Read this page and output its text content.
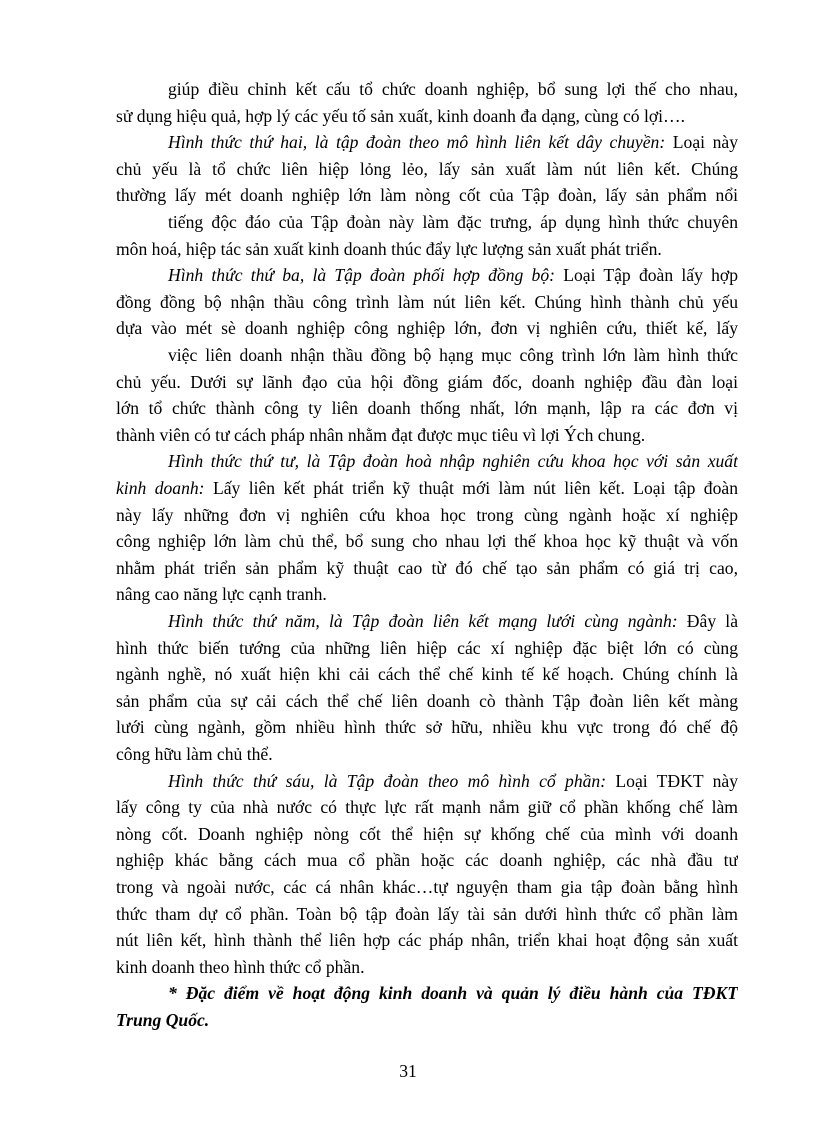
giúp điều chỉnh kết cấu tổ chức doanh nghiệp, bổ sung lợi thế cho nhau,
sử dụng hiệu quả, hợp lý các yếu tố sản xuất, kinh doanh đa dạng, cùng có lợi….
Hình thức thứ hai, là tập đoàn theo mô hình liên kết dây chuyền: Loại này
chủ yếu là tổ chức liên hiệp lỏng lẻo, lấy sản xuất làm nút liên kết. Chúng
thường lấy mét doanh nghiệp lớn làm nòng cốt của Tập đoàn, lấy sản phẩm nổi
tiếng độc đáo của Tập đoàn này làm đặc trưng, áp dụng hình thức chuyên
môn hoá, hiệp tác sản xuất kinh doanh thúc đẩy lực lượng sản xuất phát triển.
Hình thức thứ ba, là Tập đoàn phối hợp đồng bộ: Loại Tập đoàn lấy hợp
đồng đồng bộ nhận thầu công trình làm nút liên kết. Chúng hình thành chủ yếu
dựa vào mét sè doanh nghiệp công nghiệp lớn, đơn vị nghiên cứu, thiết kế, lấy
việc liên doanh nhận thầu đồng bộ hạng mục công trình lớn làm hình thức
chủ yếu. Dưới sự lãnh đạo của hội đồng giám đốc, doanh nghiệp đầu đàn loại
lớn tổ chức thành công ty liên doanh thống nhất, lớn mạnh, lập ra các đơn vị
thành viên có tư cách pháp nhân nhằm đạt được mục tiêu vì lợi Ých chung.
Hình thức thứ tư, là Tập đoàn hoà nhập nghiên cứu khoa học với sản xuất
kinh doanh: Lấy liên kết phát triển kỹ thuật mới làm nút liên kết. Loại tập đoàn
này lấy những đơn vị nghiên cứu khoa học trong cùng ngành hoặc xí nghiệp
công nghiệp lớn làm chủ thể, bổ sung cho nhau lợi thế khoa học kỹ thuật và vốn
nhằm phát triển sản phẩm kỹ thuật cao từ đó chế tạo sản phẩm có giá trị cao,
nâng cao năng lực cạnh tranh.
Hình thức thứ năm, là Tập đoàn liên kết mạng lưới cùng ngành: Đây là
hình thức biến tướng của những liên hiệp các xí nghiệp đặc biệt lớn có cùng
ngành nghề, nó xuất hiện khi cải cách thể chế kinh tế kế hoạch. Chúng chính là
sản phẩm của sự cải cách thể chế liên doanh cò thành Tập đoàn liên kết màng
lưới cùng ngành, gồm nhiều hình thức sở hữu, nhiều khu vực trong đó chế độ
công hữu làm chủ thể.
Hình thức thứ sáu, là Tập đoàn theo mô hình cổ phần: Loại TĐKT này
lấy công ty của nhà nước có thực lực rất mạnh nắm giữ cổ phần khống chế làm
nòng cốt. Doanh nghiệp nòng cốt thể hiện sự khống chế của mình với doanh
nghiệp khác bằng cách mua cổ phần hoặc các doanh nghiệp, các nhà đầu tư
trong và ngoài nước, các cá nhân khác…tự nguyện tham gia tập đoàn bằng hình
thức tham dự cổ phần. Toàn bộ tập đoàn lấy tài sản dưới hình thức cổ phần làm
nút liên kết, hình thành thể liên hợp các pháp nhân, triển khai hoạt động sản xuất
kinh doanh theo hình thức cổ phần.
* Đặc điểm về hoạt động kinh doanh và quản lý điều hành của TĐKT
Trung Quốc.
31
